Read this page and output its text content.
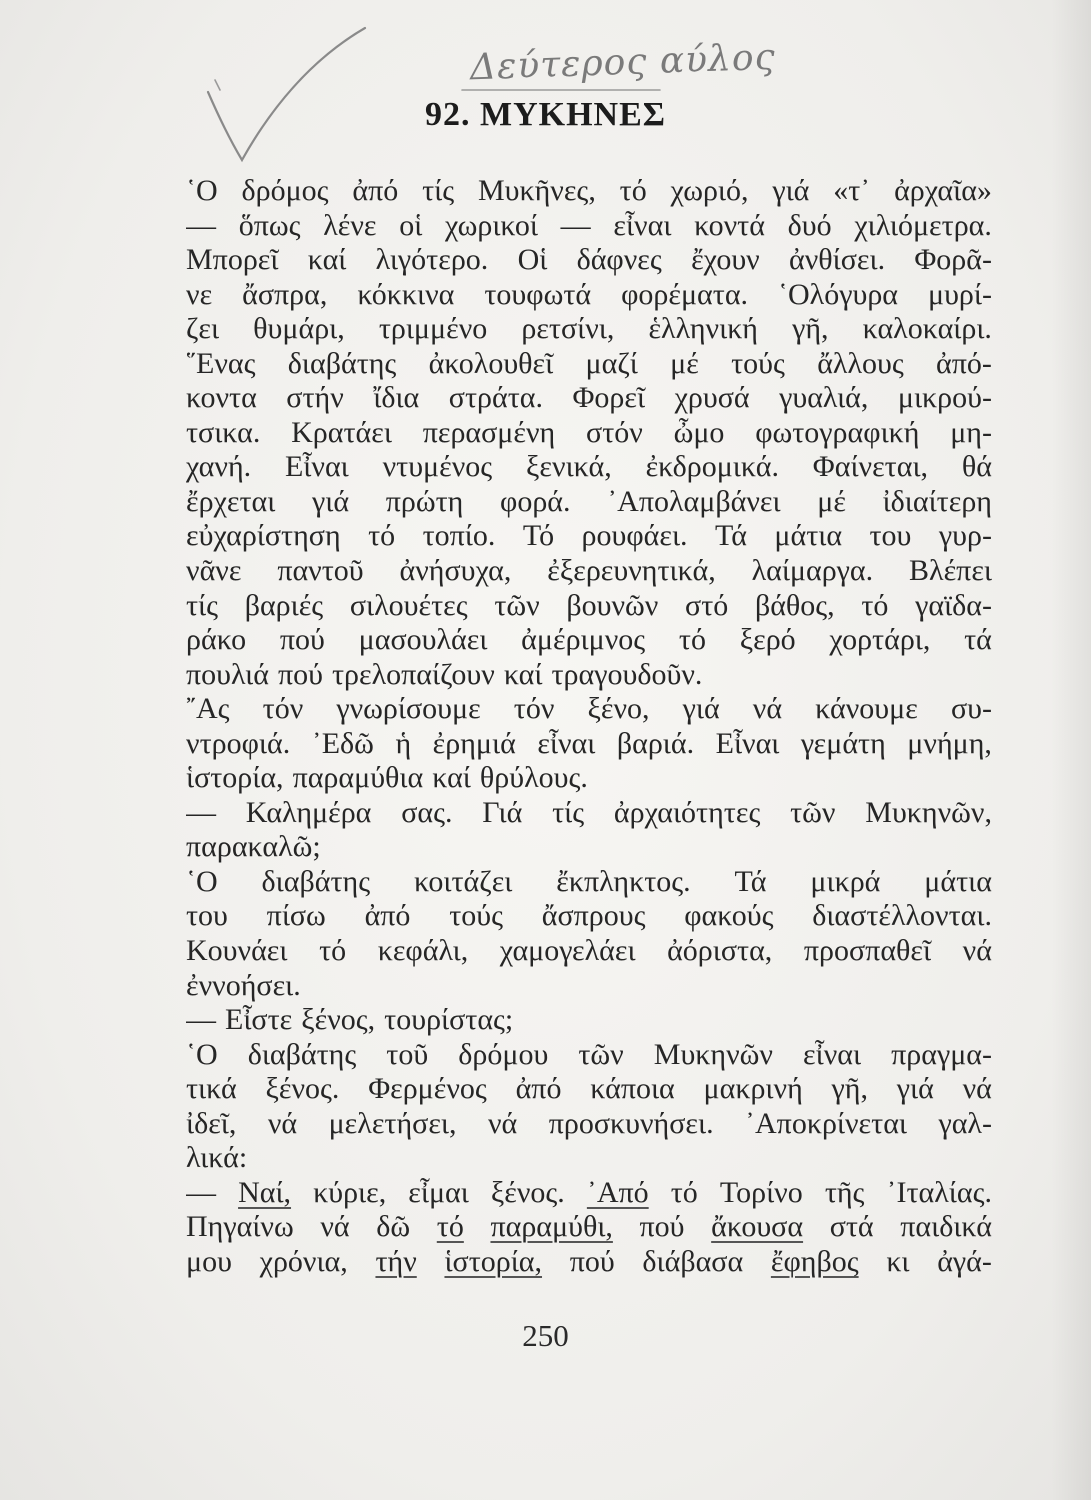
Δεύτερος αύλος
92. ΜΥΚΗΝΕΣ
῾Ο δρόμος ἀπό τίς Μυκῆνες, τό χωριό, γιά «τ᾽ ἀρχαῖα»
— ὅπως λένε οἱ χωρικοί — εἶναι κοντά δυό χιλιόμετρα.
Μπορεῖ καί λιγότερο. Οἱ δάφνες ἔχουν ἀνθίσει. Φορᾶ-
νε ἄσπρα, κόκκινα τουφωτά φορέματα. ῾Ολόγυρα μυρί-
ζει θυμάρι, τριμμένο ρετσίνι, ἑλληνική γῆ, καλοκαίρι.
῞Ενας διαβάτης ἀκολουθεῖ μαζί μέ τούς ἄλλους ἀπό-
κοντα στήν ἴδια στράτα. Φορεῖ χρυσά γυαλιά, μικρού-
τσικα. Κρατάει περασμένη στόν ὦμο φωτογραφική μη-
χανή. Εἶναι ντυμένος ξενικά, ἐκδρομικά. Φαίνεται, θά
ἔρχεται γιά πρώτη φορά. ᾿Απολαμβάνει μέ ἰδιαίτερη
εὐχαρίστηση τό τοπίο. Τό ρουφάει. Τά μάτια του γυρ-
νᾶνε παντοῦ ἀνήσυχα, ἐξερευνητικά, λαίμαργα. Βλέπει
τίς βαριές σιλουέτες τῶν βουνῶν στό βάθος, τό γαϊδα-
ράκο πού μασουλάει ἀμέριμνος τό ξερό χορτάρι, τά
πουλιά πού τρελοπαίζουν καί τραγουδοῦν.
῎Ας τόν γνωρίσουμε τόν ξένο, γιά νά κάνουμε συ-
ντροφιά. ᾿Εδῶ ἡ ἐρημιά εἶναι βαριά. Εἶναι γεμάτη μνήμη,
ἱστορία, παραμύθια καί θρύλους.
— Καλημέρα σας. Γιά τίς ἀρχαιότητες τῶν Μυκηνῶν,
παρακαλῶ;
῾Ο διαβάτης κοιτάζει ἔκπληκτος. Τά μικρά μάτια
του πίσω ἀπό τούς ἄσπρους φακούς διαστέλλονται.
Κουνάει τό κεφάλι, χαμογελάει ἀόριστα, προσπαθεῖ νά
ἐννοήσει.
— Εἶστε ξένος, τουρίστας;
῾Ο διαβάτης τοῦ δρόμου τῶν Μυκηνῶν εἶναι πραγμα-
τικά ξένος. Φερμένος ἀπό κάποια μακρινή γῆ, γιά νά
ἰδεῖ, νά μελετήσει, νά προσκυνήσει. ᾿Αποκρίνεται γαλ-
λικά:
— Ναί, κύριε, εἶμαι ξένος. ᾿Από τό Τορίνο τῆς ᾿Ιταλίας.
Πηγαίνω νά δῶ τό παραμύθι, πού ἄκουσα στά παιδικά
μου χρόνια, τήν ἱστορία, πού διάβασα ἔφηβος κι ἀγά-
250
